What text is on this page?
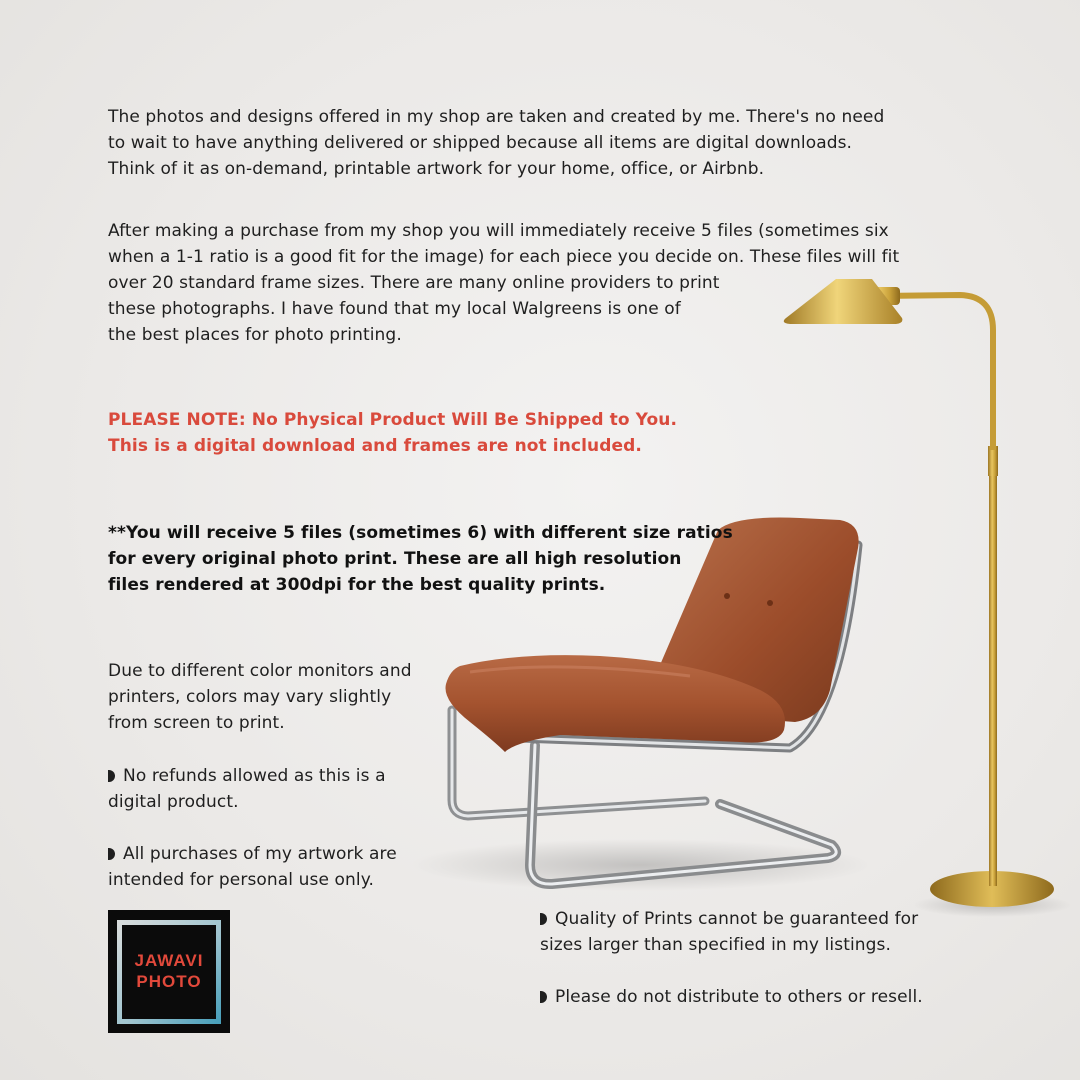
The photos and designs offered in my shop are taken and created by me. There's no need
to wait to have anything delivered or shipped because all items are digital downloads.
Think of it as on-demand, printable artwork for your home, office, or Airbnb.

After making a purchase from my shop you will immediately receive 5 files (sometimes six
when a 1-1 ratio is a good fit for the image) for each piece you decide on. These files will fit
over 20 standard frame sizes. There are many online providers to print
these photographs. I have found that my local Walgreens is one of
the best places for photo printing.

PLEASE NOTE: No Physical Product Will Be Shipped to You.
This is a digital download and frames are not included.

**You will receive 5 files (sometimes 6) with different size ratios
for every original photo print. These are all high resolution
files rendered at 300dpi for the best quality prints.

Due to different color monitors and
printers, colors may vary slightly
from screen to print.

No refunds allowed as this is a
digital product.

All purchases of my artwork are
intended for personal use only.

Quality of Prints cannot be guaranteed for
sizes larger than specified in my listings.

Please do not distribute to others or resell.

JAWAVI
PHOTO
